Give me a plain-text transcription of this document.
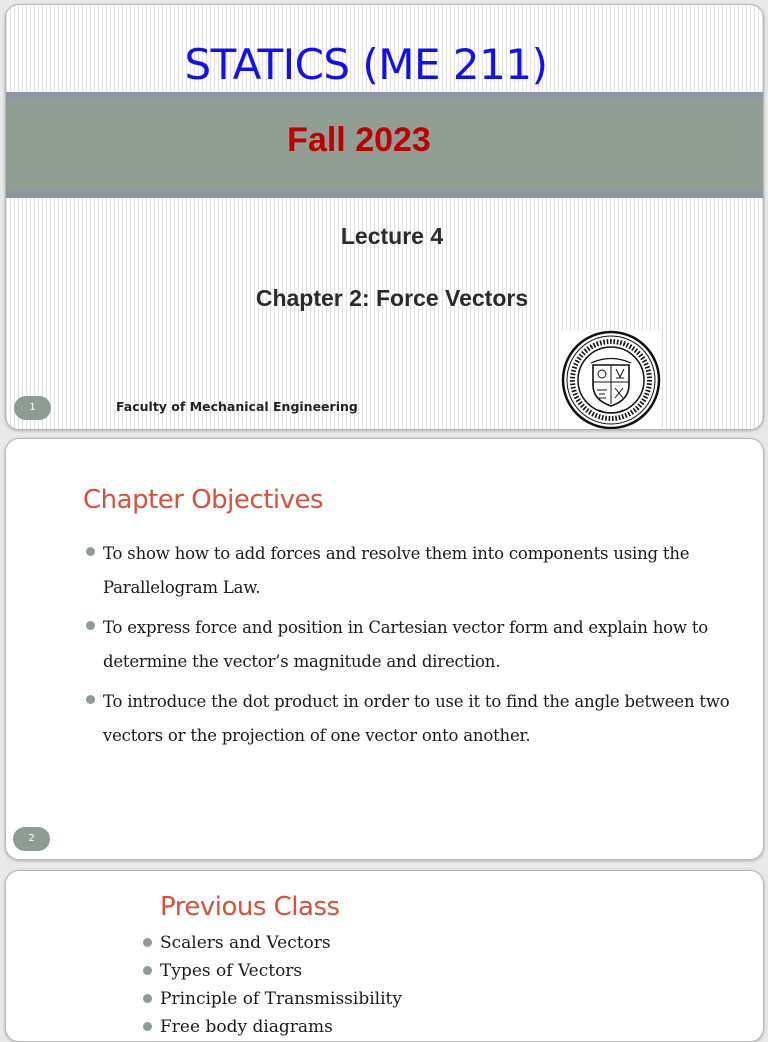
STATICS (ME 211)
Fall 2023
Lecture 4
Chapter 2: Force Vectors
1	Faculty of Mechanical Engineering
Chapter Objectives
To show how to add forces and resolve them into components using the Parallelogram Law.
To express force and position in Cartesian vector form and explain how to determine the vector’s magnitude and direction.
To introduce the dot product in order to use it to find the angle between two vectors or the projection of one vector onto another.
2
Previous Class
Scalers and Vectors
Types of Vectors
Principle of Transmissibility
Free body diagrams
